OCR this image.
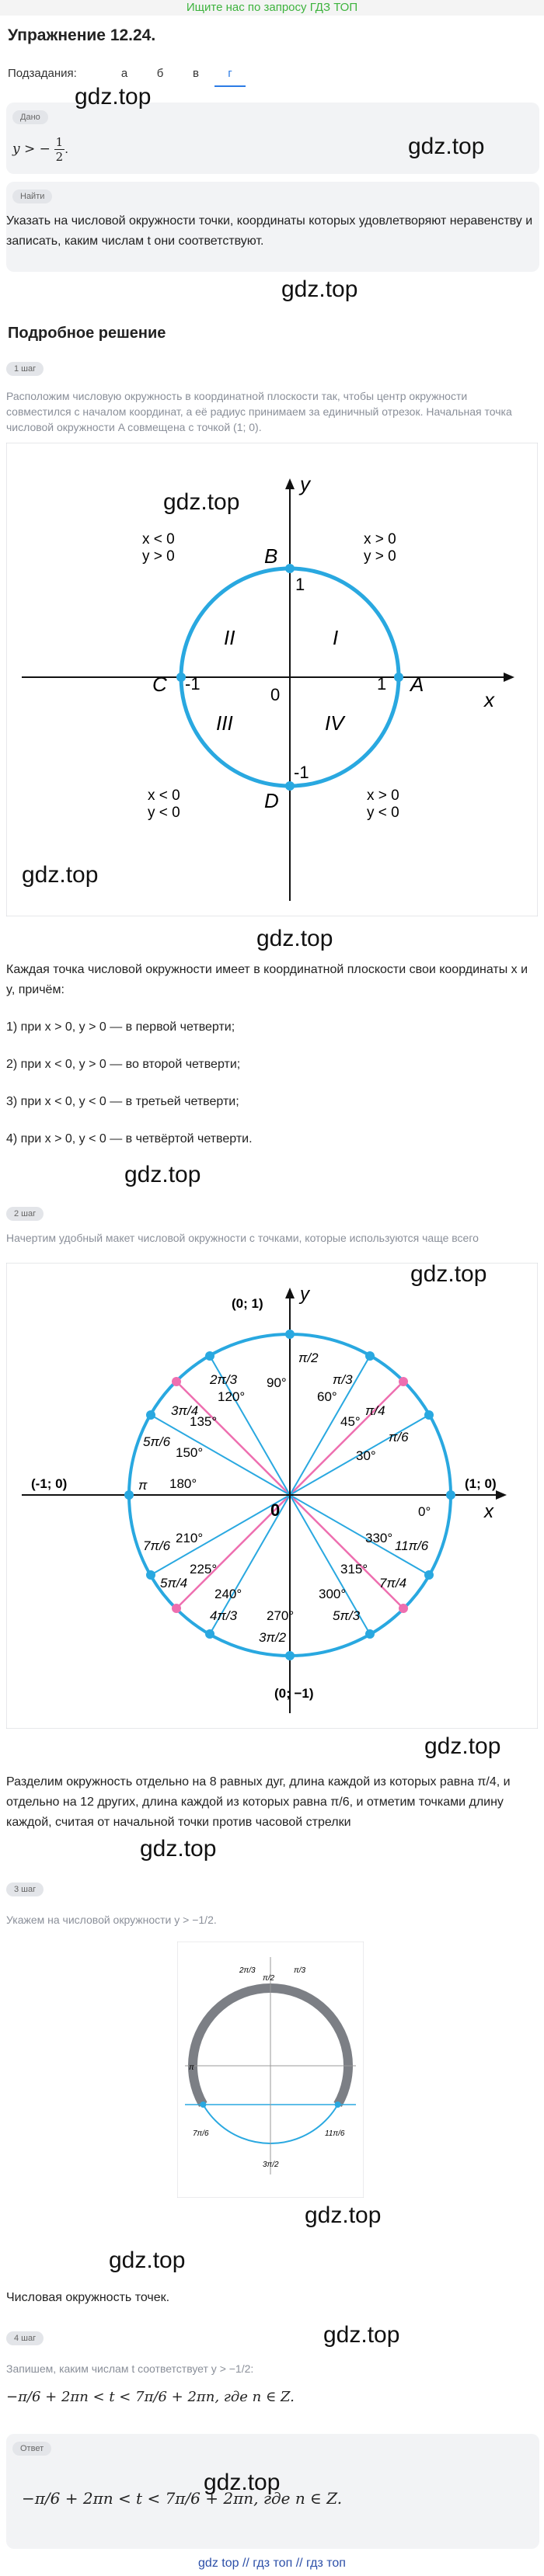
Ищите нас по запросу ГДЗ ТОП
Упражнение 12.24.
Подзадания:	а	б	в	г
Дано
y > − $\frac{1}{2}$ .
gdz.top
gdz.top
Найти
Указать на числовой окружности точки, координаты которых удовлетворяют неравенству и записать, каким числам t они соответствуют.
gdz.top
Подробное решение
1 шаг
Расположим числовую окружность в координатной плоскости так, чтобы центр окружности совместился с началом координат, а её радиус принимаем за единичный отрезок. Начальная точка числовой окружности A совмещена с точкой (1; 0).
A
B
C
D
x
y
1
-1
1
-1
0
I
II
III	IV
x > 0
y > 0
x < 0
y > 0
x < 0
y < 0
x > 0
y < 0
gdz.top
gdz.top
gdz.top
Каждая точка числовой окружности имеет в координатной плоскости свои координаты x и y, причём:
1) при x > 0, y > 0 — в первой четверти;
2) при x < 0, y > 0 — во второй четверти;
3) при x < 0, y < 0 — в третьей четверти;
4) при x > 0, y < 0 — в четвёртой четверти.
gdz.top
2 шаг
Начертим удобный макет числовой окружности с точками, которые используются чаще всего
x
y
0
(0; 1)
(-1; 0)	(1; 0)
(0; −1)
90°
60°
45°
30°
0°
120°
135°
150°
180°
210°
225°
240°
270°
300°
315°
330°
π/2
π/3
π/4
π/6
2π/3
3π/4
5π/6
π
7π/6
5π/4
4π/3
3π/2
5π/3
7π/4
11π/6
gdz.top
gdz.top
Разделим окружность отдельно на 8 равных дуг, длина каждой из которых равна π/4, и отдельно на 12 других, длина каждой из которых равна π/6, и отметим точками длину каждой, считая от начальной точки против часовой стрелки
gdz.top
3 шаг
Укажем на числовой окружности y > −1/2.
π/2
2π/3	π/3
π
11π/6
7π/6
3π/2
gdz.top
gdz.top
Числовая окружность точек.
gdz.top
4 шаг
Запишем, каким числам t соответствует y > −1/2:
−π/6 + 2πn < t < 7π/6 + 2πn, где n ∈ Z.
Ответ
−π/6 + 2πn < t < 7π/6 + 2πn, где n ∈ Z.
gdz.top
gdz top // гдз топ // гдз топ
